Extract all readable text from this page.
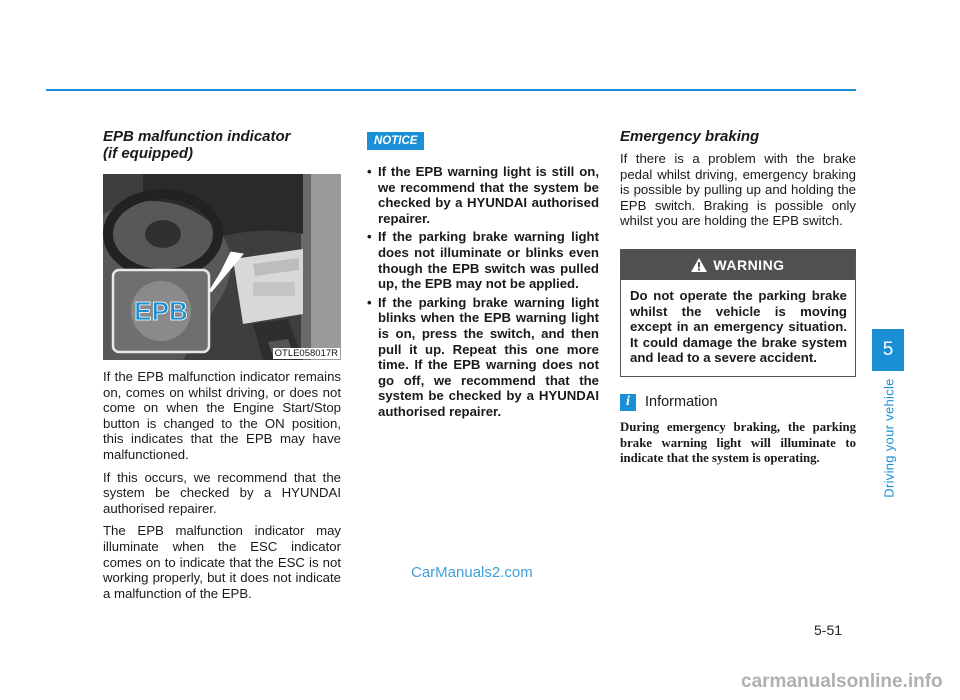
EPB malfunction indicator
(if equipped)
EPB
OTLE058017R

If the EPB malfunction indicator remains on, comes on whilst driving, or does not come on when the Engine Start/Stop button is changed to the ON position, this indicates that the EPB may have malfunctioned.

If this occurs, we recommend that the system be checked by a HYUNDAI authorised repairer.

The EPB malfunction indicator may illuminate when the ESC indicator comes on to indicate that the ESC is not working properly, but it does not indicate a malfunction of the EPB.

NOTICE
• If the EPB warning light is still on, we recommend that the system be checked by a HYUNDAI authorised repairer.
• If the parking brake warning light does not illuminate or blinks even though the EPB switch was pulled up, the EPB may not be applied.
• If the parking brake warning light blinks when the EPB warning light is on, press the switch, and then pull it up. Repeat this one more time. If the EPB warning does not go off, we recommend that the system be checked by a HYUNDAI authorised repairer.
Emergency braking

If there is a problem with the brake pedal whilst driving, emergency braking is possible by pulling up and holding the EPB switch. Braking is possible only whilst you are holding the EPB switch.

WARNING
Do not operate the parking brake whilst the vehicle is moving except in an emergency situation. It could damage the brake system and lead to a severe accident.
i	Information
During emergency braking, the parking brake warning light will illuminate to indicate that the system is operating.
5
Driving your vehicle
5-51
CarManuals2.com
carmanualsonline.info
